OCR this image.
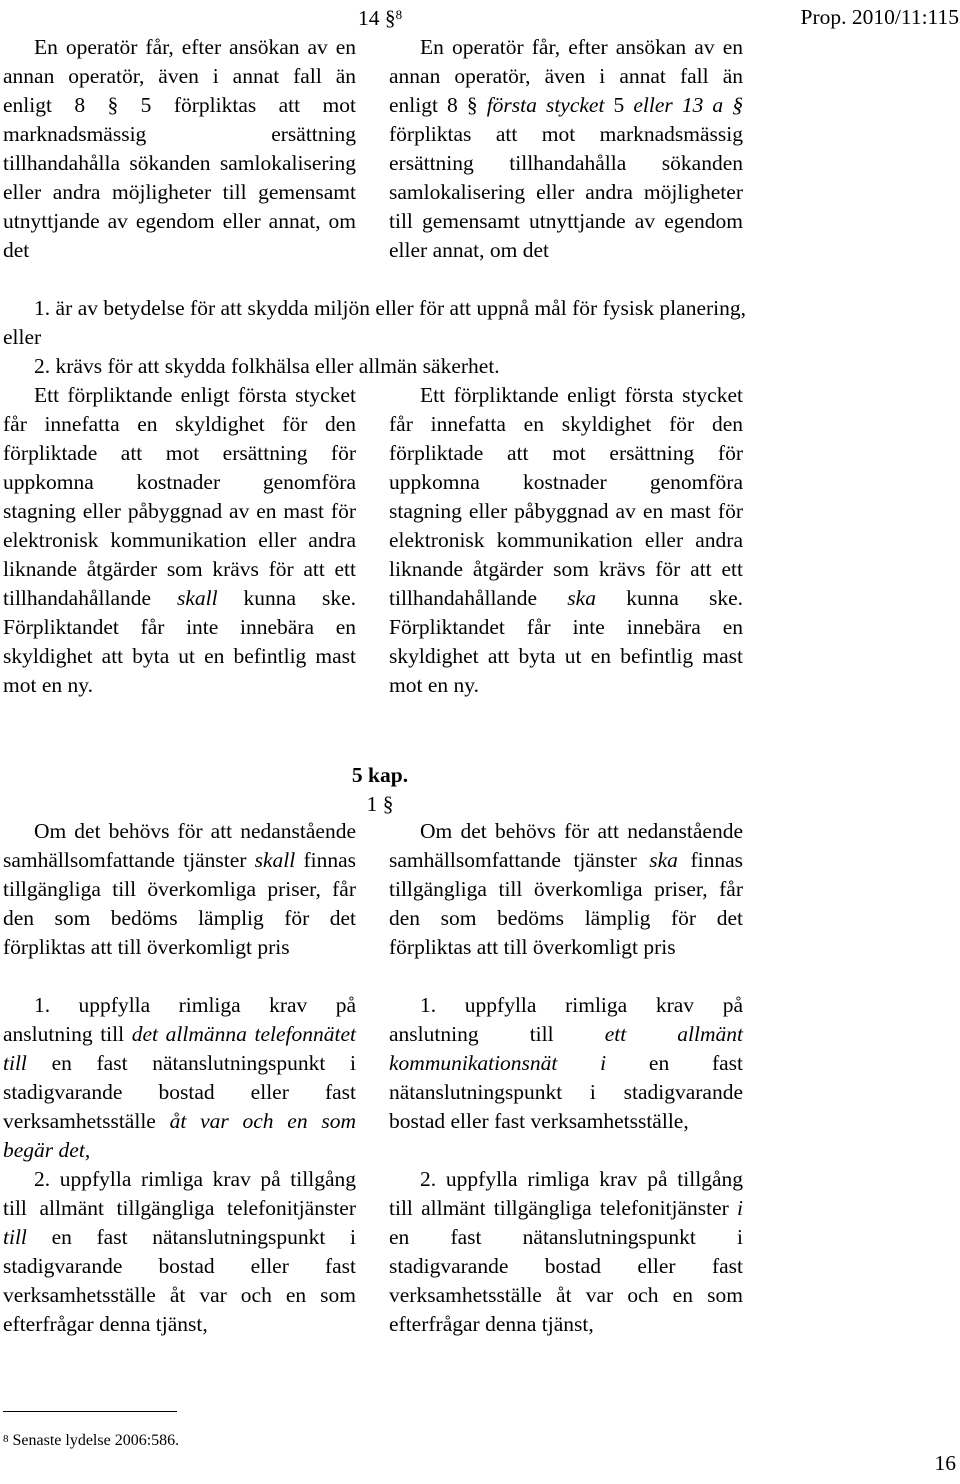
14 §$^8$	Prop. 2010/11:115

En operatör får, efter ansökan av en annan operatör, även i annat fall än enligt 8 § 5 förpliktas att mot marknadsmässig ersättning tillhandahålla sökanden samlokalisering eller andra möjligheter till gemensamt utnyttjande av egendom eller annat, om det

En operatör får, efter ansökan av en annan operatör, även i annat fall än enligt 8 § första stycket 5 eller 13 a § förpliktas att mot marknadsmässig ersättning tillhandahålla sökanden samlokalisering eller andra möjligheter till gemensamt utnyttjande av egendom eller annat, om det

1. är av betydelse för att skydda miljön eller för att uppnå mål för fysisk planering, eller

2. krävs för att skydda folkhälsa eller allmän säkerhet.

Ett förpliktande enligt första stycket får innefatta en skyldighet för den förpliktade att mot ersättning för uppkomna kostnader genomföra stagning eller påbyggnad av en mast för elektronisk kommunikation eller andra liknande åtgärder som krävs för att ett tillhandahållande skall kunna ske. Förpliktandet får inte innebära en skyldighet att byta ut en befintlig mast mot en ny.

Ett förpliktande enligt första stycket får innefatta en skyldighet för den förpliktade att mot ersättning för uppkomna kostnader genomföra stagning eller påbyggnad av en mast för elektronisk kommunikation eller andra liknande åtgärder som krävs för att ett tillhandahållande ska kunna ske. Förpliktandet får inte innebära en skyldighet att byta ut en befintlig mast mot en ny.

5 kap.
1 §

Om det behövs för att nedanstående samhällsomfattande tjänster skall finnas tillgängliga till överkomliga priser, får den som bedöms lämplig för det förpliktas att till överkomligt pris

Om det behövs för att nedanstående samhällsomfattande tjänster ska finnas tillgängliga till överkomliga priser, får den som bedöms lämplig för det förpliktas att till överkomligt pris

1. uppfylla rimliga krav på anslutning till det allmänna telefonnätet till en fast nätanslutningspunkt i stadigvarande bostad eller fast verksamhetsställe åt var och en som begär det,

1. uppfylla rimliga krav på anslutning till ett allmänt kommunikationsnät i en fast nätanslutningspunkt i stadigvarande bostad eller fast verksamhetsställe,

2. uppfylla rimliga krav på tillgång till allmänt tillgängliga telefonitjänster till en fast nätanslutningspunkt i stadigvarande bostad eller fast verksamhetsställe åt var och en som efterfrågar denna tjänst,

2. uppfylla rimliga krav på tillgång till allmänt tillgängliga telefonitjänster i en fast nätanslutningspunkt i stadigvarande bostad eller fast verksamhetsställe åt var och en som efterfrågar denna tjänst,

$^8$ Senaste lydelse 2006:586.
16
